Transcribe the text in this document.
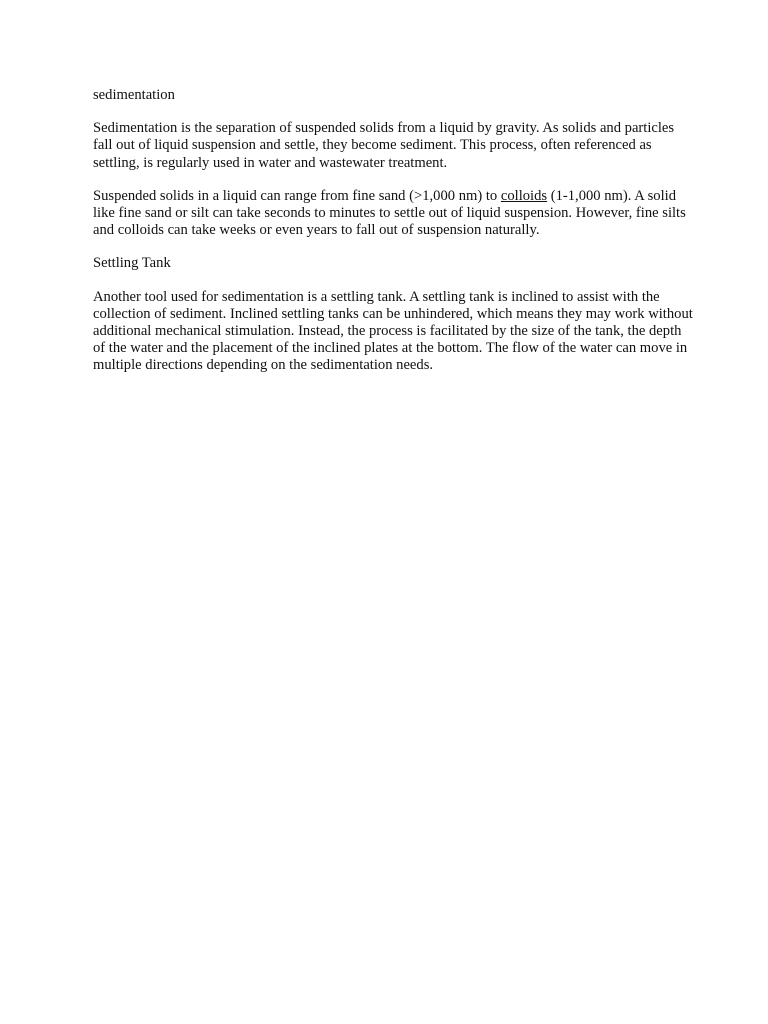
sedimentation

Sedimentation is the separation of suspended solids from a liquid by gravity. As solids and particles fall out of liquid suspension and settle, they become sediment. This process, often referenced as settling, is regularly used in water and wastewater treatment.

Suspended solids in a liquid can range from fine sand (>1,000 nm) to colloids (1-1,000 nm). A solid like fine sand or silt can take seconds to minutes to settle out of liquid suspension. However, fine silts and colloids can take weeks or even years to fall out of suspension naturally.

Settling Tank

Another tool used for sedimentation is a settling tank. A settling tank is inclined to assist with the collection of sediment. Inclined settling tanks can be unhindered, which means they may work without additional mechanical stimulation. Instead, the process is facilitated by the size of the tank, the depth of the water and the placement of the inclined plates at the bottom. The flow of the water can move in multiple directions depending on the sedimentation needs.
